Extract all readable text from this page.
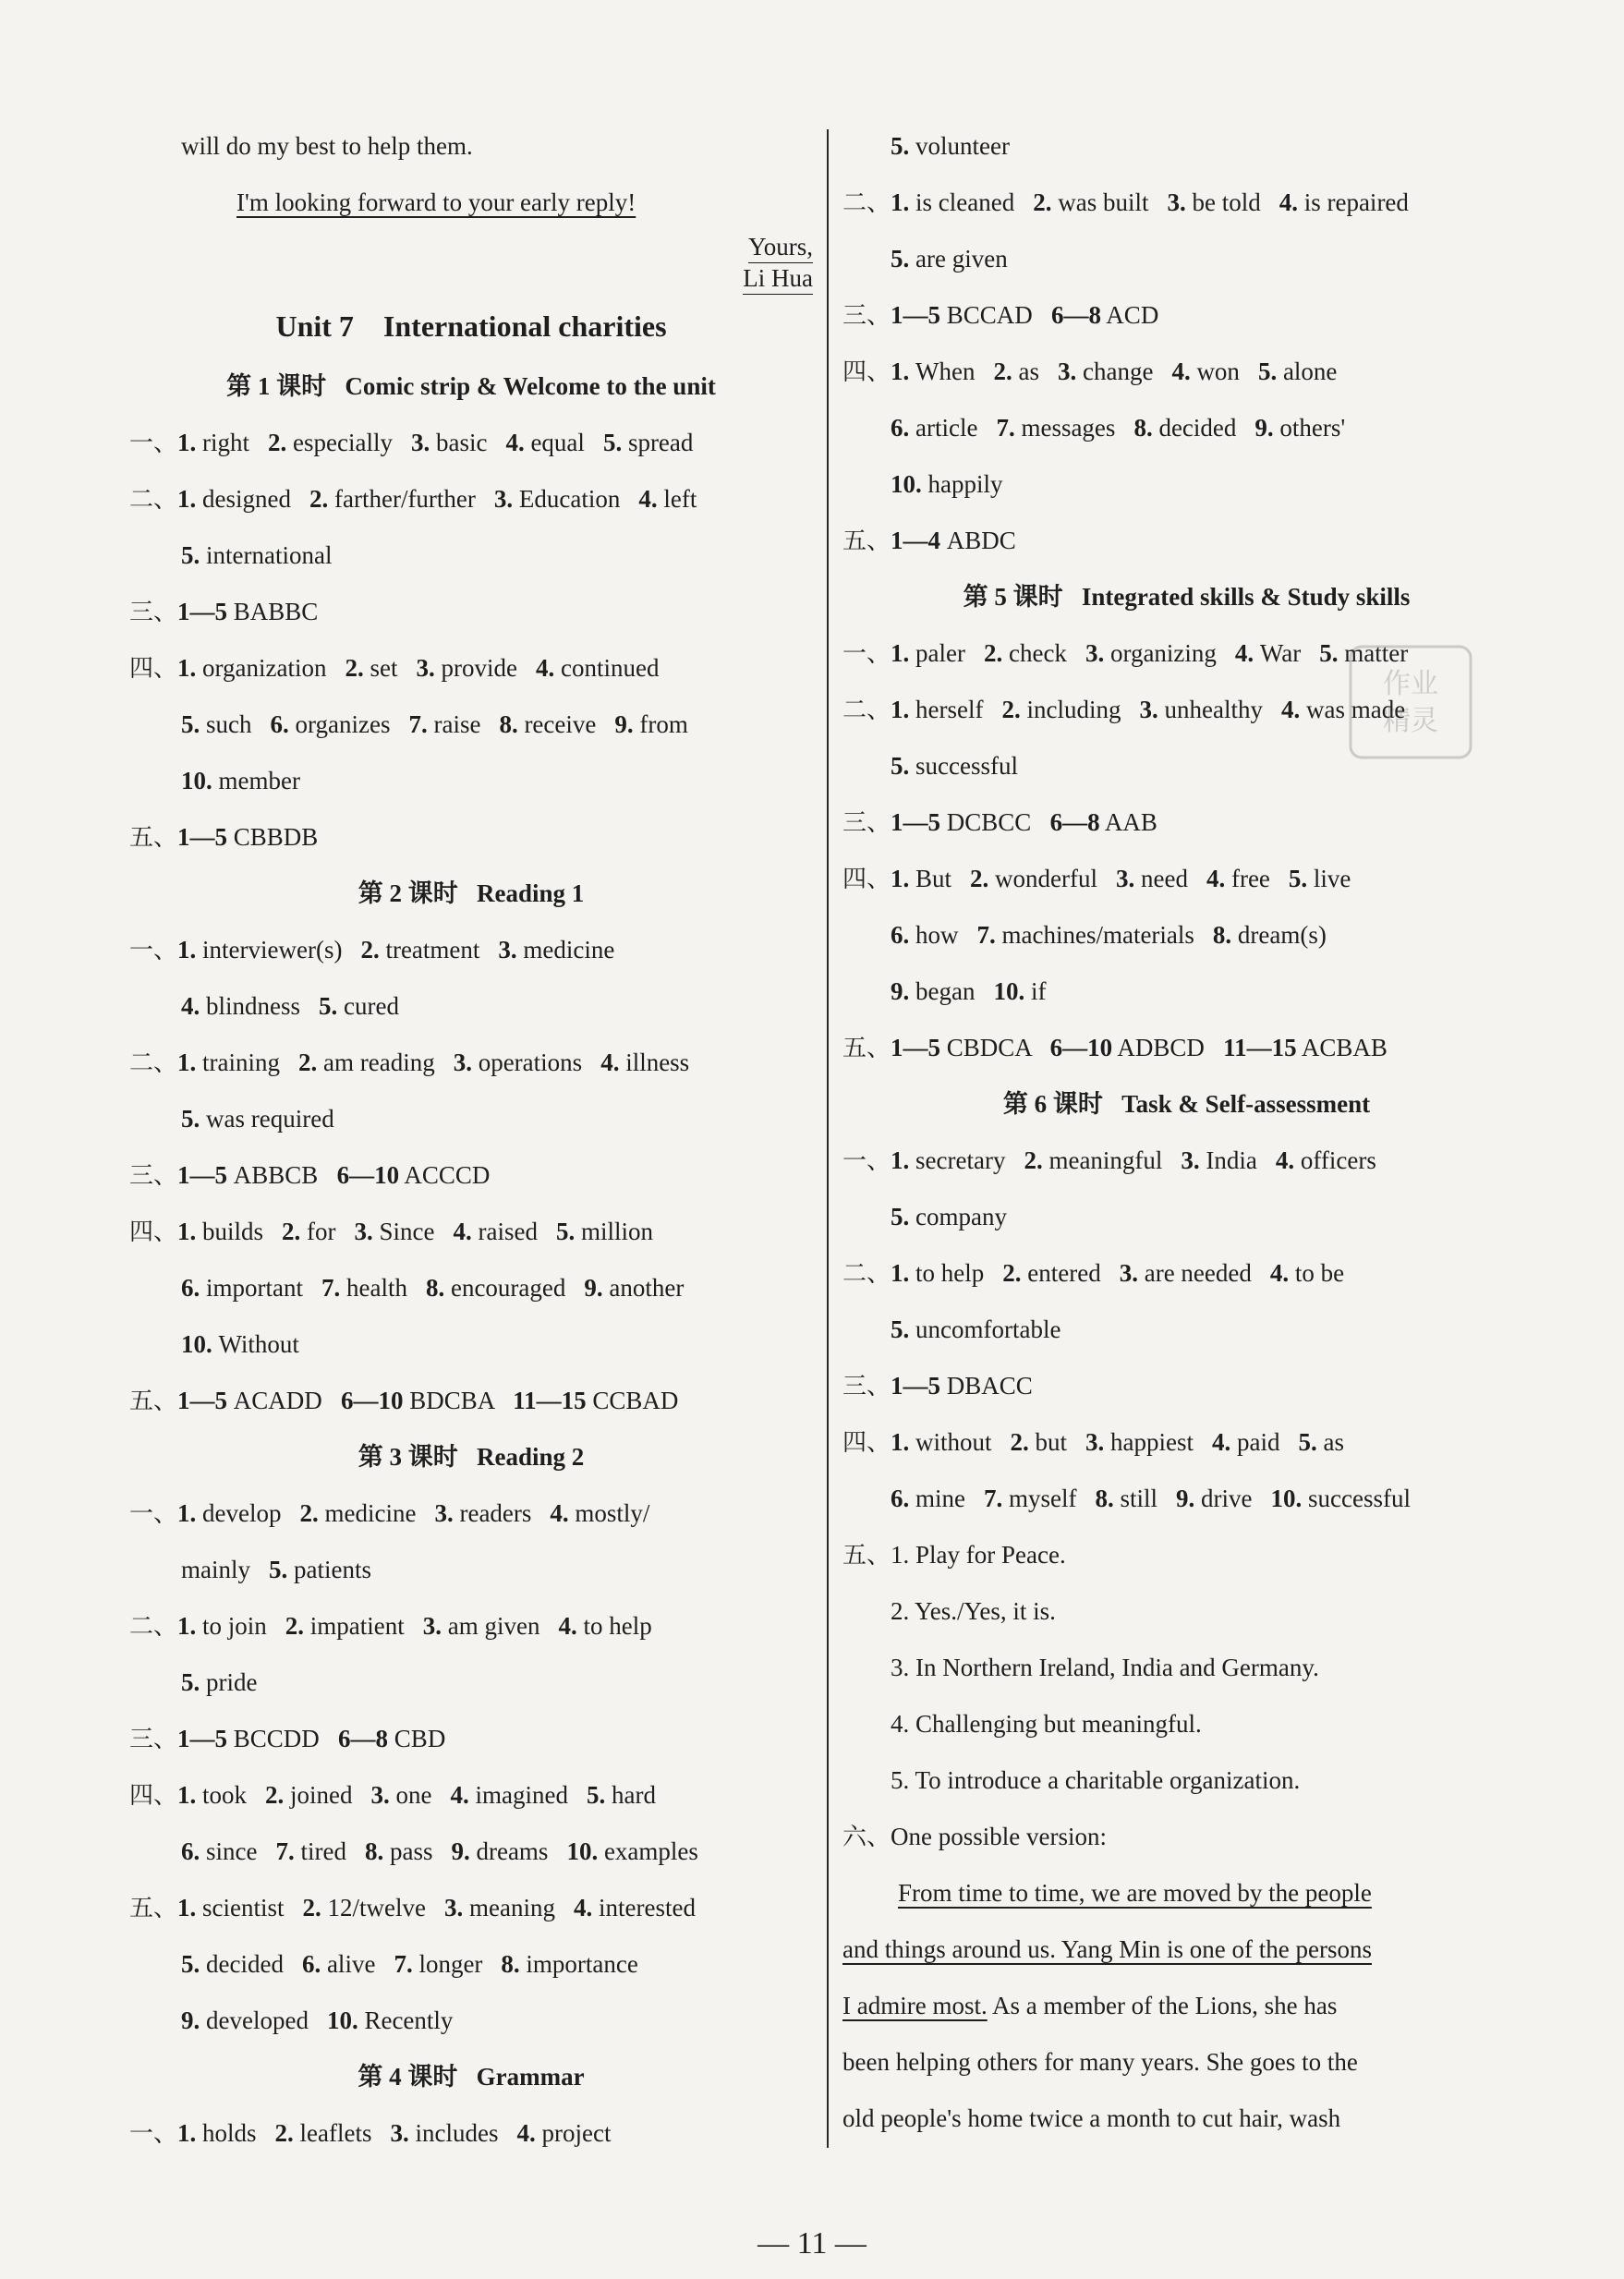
will do my best to help them.
I'm looking forward to your early reply!
Yours,
Li Hua
Unit 7    International charities
第 1 课时   Comic strip & Welcome to the unit
一、1. right 2. especially 3. basic 4. equal 5. spread
二、1. designed 2. farther/further 3. Education 4. left
5. international
三、1—5 BABBC
四、1. organization 2. set 3. provide 4. continued
5. such 6. organizes 7. raise 8. receive 9. from
10. member
五、1—5 CBBDB
第 2 课时   Reading 1
一、1. interviewer(s) 2. treatment 3. medicine
4. blindness 5. cured
二、1. training 2. am reading 3. operations 4. illness
5. was required
三、1—5 ABBCB   6—10 ACCCD
四、1. builds 2. for 3. Since 4. raised 5. million
6. important 7. health 8. encouraged 9. another
10. Without
五、1—5 ACADD   6—10 BDCBA   11—15 CCBAD
第 3 课时   Reading 2
一、1. develop 2. medicine 3. readers 4. mostly/
mainly 5. patients
二、1. to join 2. impatient 3. am given 4. to help
5. pride
三、1—5 BCCDD   6—8 CBD
四、1. took 2. joined 3. one 4. imagined 5. hard
6. since 7. tired 8. pass 9. dreams 10. examples
五、1. scientist 2. 12/twelve 3. meaning 4. interested
5. decided 6. alive 7. longer 8. importance
9. developed 10. Recently
第 4 课时   Grammar
一、1. holds 2. leaflets 3. includes 4. project
5. volunteer
二、1. is cleaned 2. was built 3. be told 4. is repaired
5. are given
三、1—5 BCCAD   6—8 ACD
四、1. When 2. as 3. change 4. won 5. alone
6. article 7. messages 8. decided 9. others'
10. happily
五、1—4 ABDC
第 5 课时   Integrated skills & Study skills
一、1. paler 2. check 3. organizing 4. War 5. matter
二、1. herself 2. including 3. unhealthy 4. was made
5. successful
三、1—5 DCBCC   6—8 AAB
四、1. But 2. wonderful 3. need 4. free 5. live
6. how 7. machines/materials 8. dream(s)
9. began 10. if
五、1—5 CBDCA   6—10 ADBCD   11—15 ACBAB
第 6 课时   Task & Self-assessment
一、1. secretary 2. meaningful 3. India 4. officers
5. company
二、1. to help 2. entered 3. are needed 4. to be
5. uncomfortable
三、1—5 DBACC
四、1. without 2. but 3. happiest 4. paid 5. as
6. mine 7. myself 8. still 9. drive 10. successful
五、1. Play for Peace.
2. Yes./Yes, it is.
3. In Northern Ireland, India and Germany.
4. Challenging but meaningful.
5. To introduce a charitable organization.
六、One possible version:
From time to time, we are moved by the people
and things around us. Yang Min is one of the persons
I admire most. As a member of the Lions, she has
been helping others for many years. She goes to the
old people's home twice a month to cut hair, wash
作业
精灵
— 11 —
